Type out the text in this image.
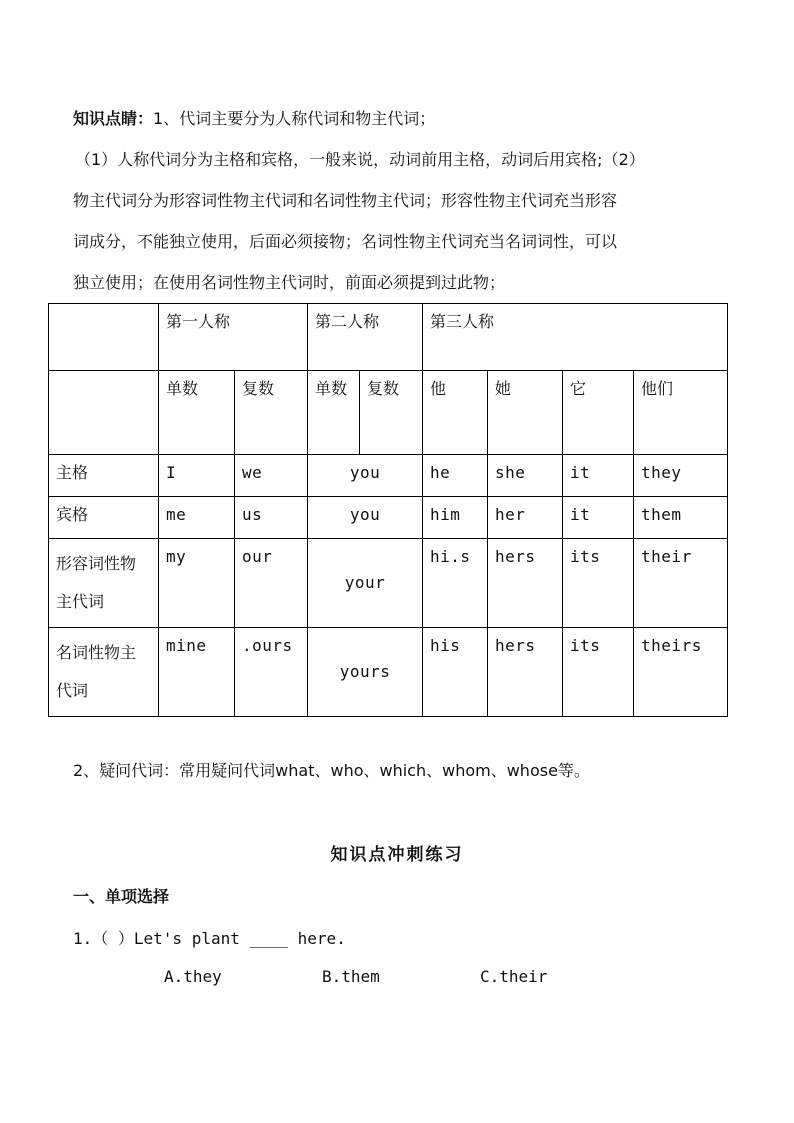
知识点睛：1、代词主要分为人称代词和物主代词；

（1）人称代词分为主格和宾格，一般来说，动词前用主格，动词后用宾格;（2）

物主代词分为形容词性物主代词和名词性物主代词；形容性物主代词充当形容

词成分，不能独立使用，后面必须接物；名词性物主代词充当名词词性，可以

独立使用；在使用名词性物主代词时，前面必须提到过此物；

	第一人称		第二人称		第三人称			
	单数	复数	单数	复数	他	她	它	他们
主格	I	we	you		he	she	it	they
宾格	me	us	you		him	her	it	them
形容词性物主代词	my	our	your		hi.s	hers	its	their
名词性物主代词	mine	.ours	yours		his	hers	its	theirs

2、疑问代词：常用疑问代词what、who、which、whom、whose等。

知识点冲刺练习
一、单项选择
1.（ ）Let's plant ____ here.
A.they	B.them	C.their
